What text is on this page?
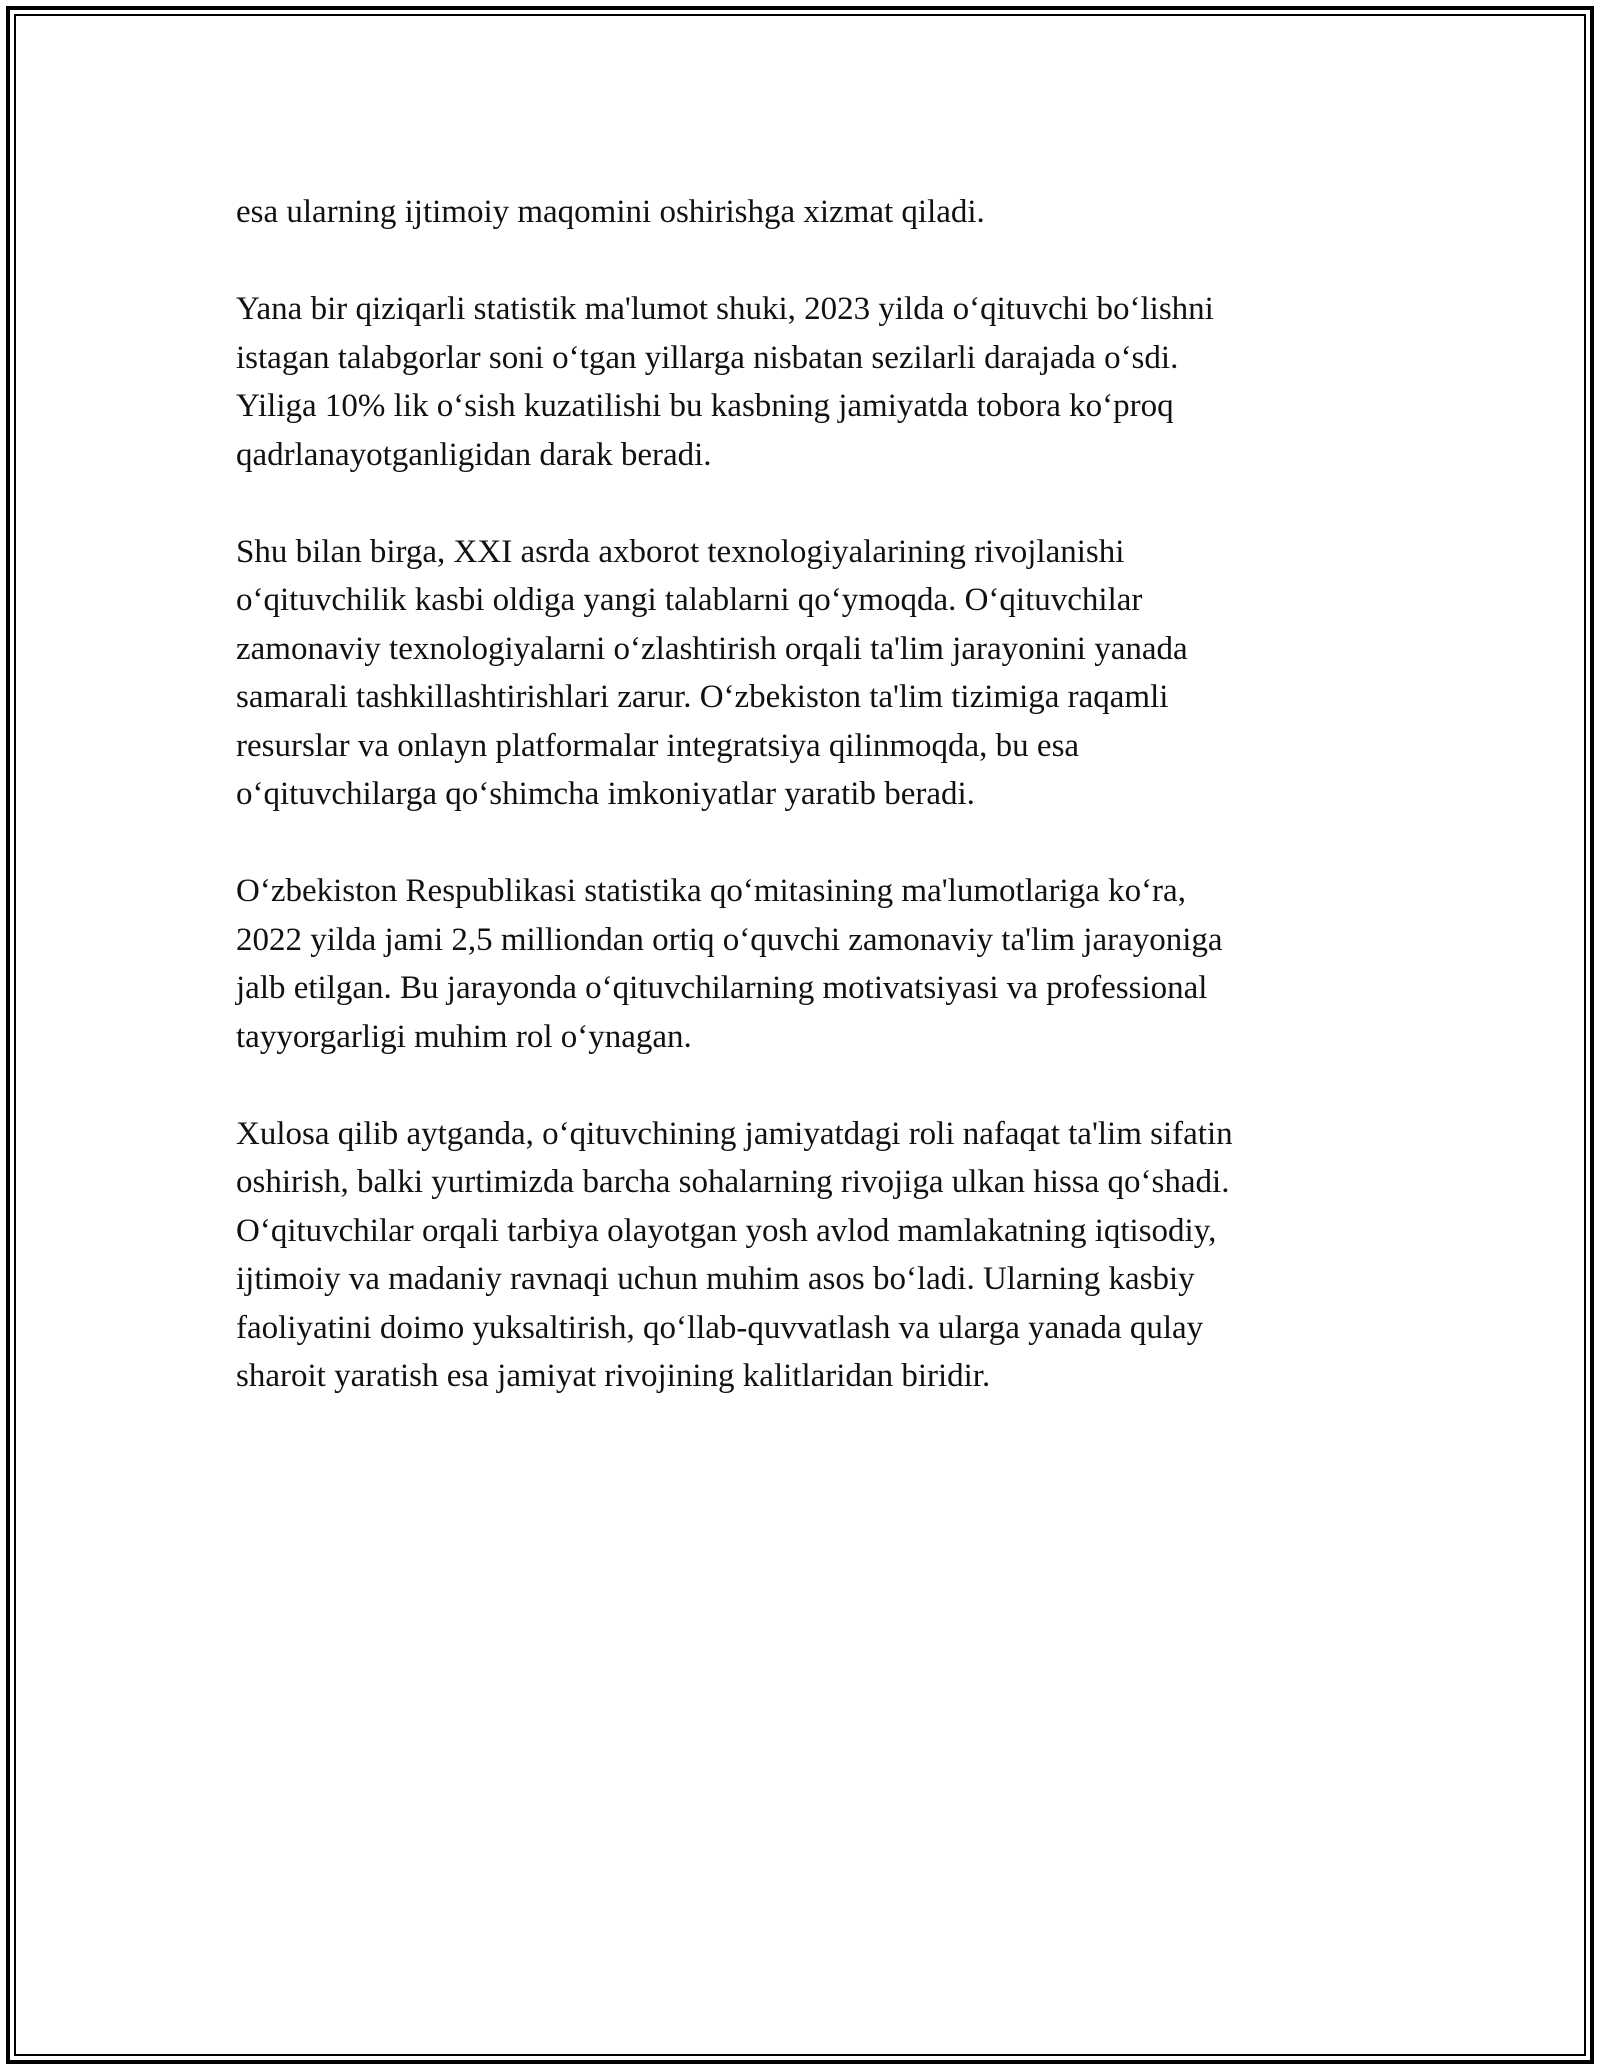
esa ularning ijtimoiy maqomini oshirishga xizmat qiladi.

Yana bir qiziqarli statistik ma'lumot shuki, 2023 yilda o‘qituvchi bo‘lishni
istagan talabgorlar soni o‘tgan yillarga nisbatan sezilarli darajada o‘sdi.
Yiliga 10% lik o‘sish kuzatilishi bu kasbning jamiyatda tobora ko‘proq
qadrlanayotganligidan darak beradi.

Shu bilan birga, XXI asrda axborot texnologiyalarining rivojlanishi
o‘qituvchilik kasbi oldiga yangi talablarni qo‘ymoqda. O‘qituvchilar
zamonaviy texnologiyalarni o‘zlashtirish orqali ta'lim jarayonini yanada
samarali tashkillashtirishlari zarur. O‘zbekiston ta'lim tizimiga raqamli
resurslar va onlayn platformalar integratsiya qilinmoqda, bu esa
o‘qituvchilarga qo‘shimcha imkoniyatlar yaratib beradi.

O‘zbekiston Respublikasi statistika qo‘mitasining ma'lumotlariga ko‘ra,
2022 yilda jami 2,5 milliondan ortiq o‘quvchi zamonaviy ta'lim jarayoniga
jalb etilgan. Bu jarayonda o‘qituvchilarning motivatsiyasi va professional
tayyorgarligi muhim rol o‘ynagan.

Xulosa qilib aytganda, o‘qituvchining jamiyatdagi roli nafaqat ta'lim sifatin
oshirish, balki yurtimizda barcha sohalarning rivojiga ulkan hissa qo‘shadi.
O‘qituvchilar orqali tarbiya olayotgan yosh avlod mamlakatning iqtisodiy,
ijtimoiy va madaniy ravnaqi uchun muhim asos bo‘ladi. Ularning kasbiy
faoliyatini doimo yuksaltirish, qo‘llab-quvvatlash va ularga yanada qulay
sharoit yaratish esa jamiyat rivojining kalitlaridan biridir.
